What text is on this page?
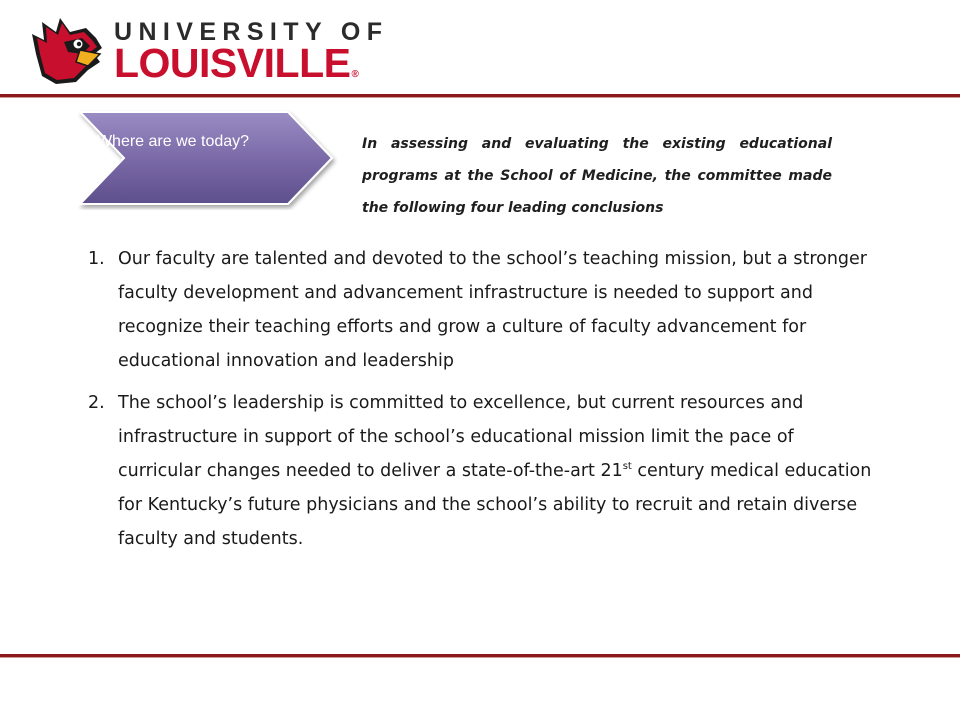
UNIVERSITY OF
LOUISVILLE®
Where are we today?	In assessing and evaluating the existing educational programs at the School of Medicine, the committee made the following four leading conclusions
1. Our faculty are talented and devoted to the school’s teaching mission, but a stronger faculty development and advancement infrastructure is needed to support and recognize their teaching efforts and grow a culture of faculty advancement for educational innovation and leadership
2. The school’s leadership is committed to excellence, but current resources and infrastructure in support of the school’s educational mission limit the pace of curricular changes needed to deliver a state-of-the-art 21st century medical education for Kentucky’s future physicians and the school’s ability to recruit and retain diverse faculty and students.
